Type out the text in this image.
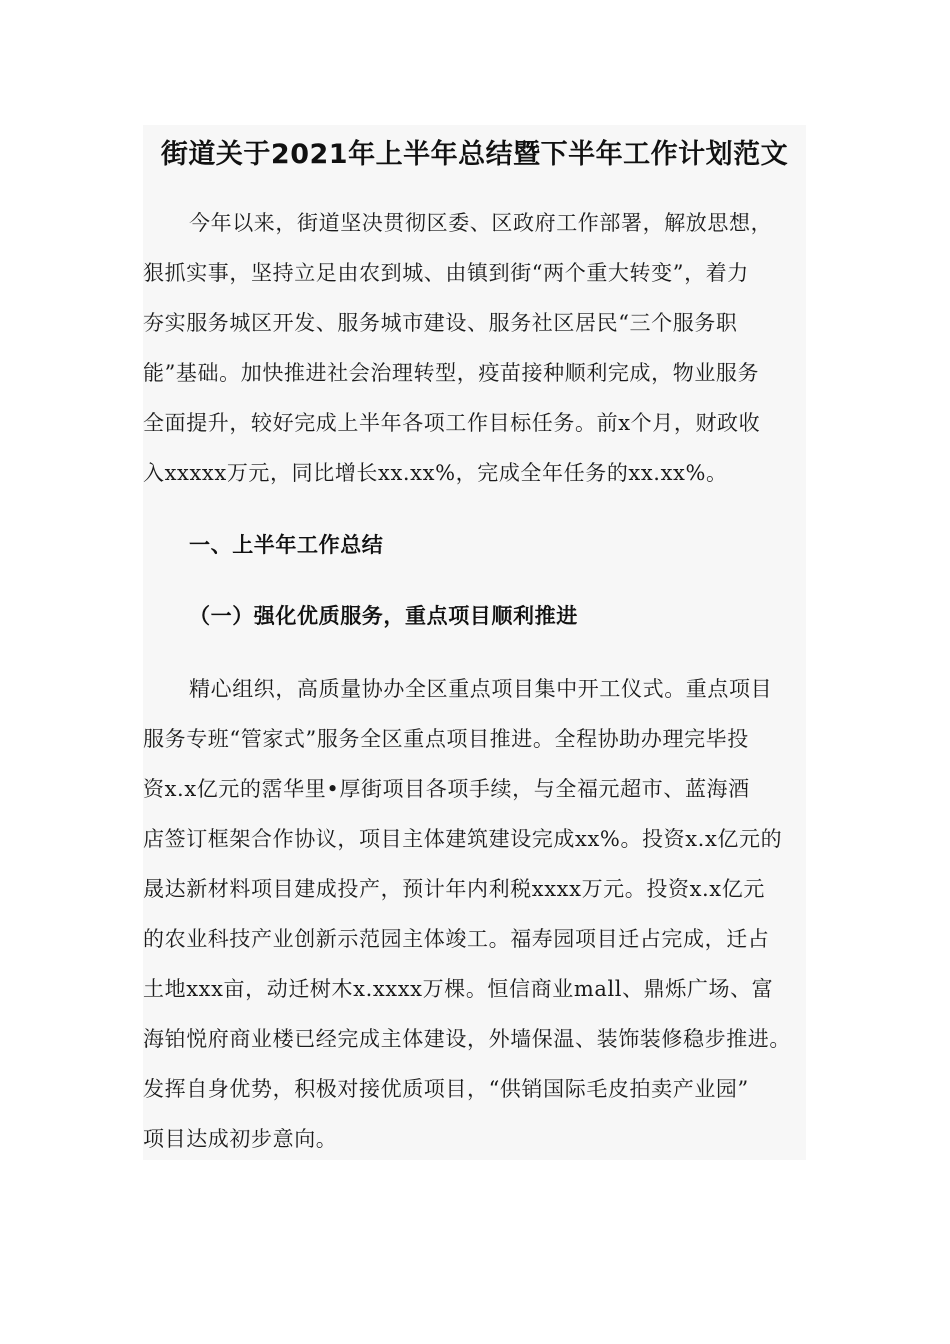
街道关于2021年上半年总结暨下半年工作计划范文
今年以来，街道坚决贯彻区委、区政府工作部署，解放思想，
狠抓实事，坚持立足由农到城、由镇到街“两个重大转变”，着力
夯实服务城区开发、服务城市建设、服务社区居民“三个服务职
能”基础。加快推进社会治理转型，疫苗接种顺利完成，物业服务
全面提升，较好完成上半年各项工作目标任务。前x个月，财政收
入xxxxx万元，同比增长xx.xx%，完成全年任务的xx.xx%。
一、上半年工作总结
（一）强化优质服务，重点项目顺利推进
精心组织，高质量协办全区重点项目集中开工仪式。重点项目
服务专班“管家式”服务全区重点项目推进。全程协助办理完毕投
资x.x亿元的霑华里•厚街项目各项手续，与全福元超市、蓝海酒
店签订框架合作协议，项目主体建筑建设完成xx%。投资x.x亿元的
晟达新材料项目建成投产，预计年内利税xxxx万元。投资x.x亿元
的农业科技产业创新示范园主体竣工。福寿园项目迁占完成，迁占
土地xxx亩，动迁树木x.xxxx万棵。恒信商业mall、鼎烁广场、富
海铂悦府商业楼已经完成主体建设，外墙保温、装饰装修稳步推进。
发挥自身优势，积极对接优质项目，“供销国际毛皮拍卖产业园”
项目达成初步意向。
